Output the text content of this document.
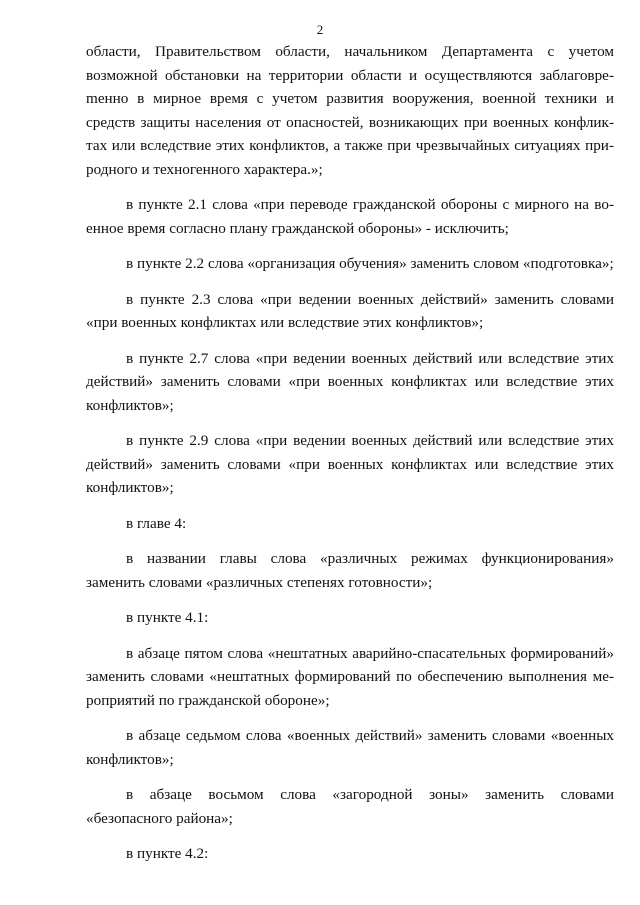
2

области, Правительством области, начальником Департамента с учетом возможной обстановки на территории области и осуществляются заблаговреmенно в мирное время с учетом развития вооружения, военной техники и средств защиты населения от опасностей, возникающих при военных конфликтах или вследствие этих конфликтов, а также при чрезвычайных ситуациях природного и техногенного характера.»;

в пункте 2.1 слова «при переводе гражданской обороны с мирного на военное время согласно плану гражданской обороны» - исключить;

в пункте 2.2 слова «организация обучения» заменить словом «подготовка»;

в пункте 2.3 слова «при ведении военных действий» заменить словами «при военных конфликтах или вследствие этих конфликтов»;

в пункте 2.7 слова «при ведении военных действий или вследствие этих действий» заменить словами «при военных конфликтах или вследствие этих конфликтов»;

в пункте 2.9 слова «при ведении военных действий или вследствие этих действий» заменить словами «при военных конфликтах или вследствие этих конфликтов»;

в главе 4:

в названии главы слова «различных режимах функционирования» заменить словами «различных степенях готовности»;

в пункте 4.1:

в абзаце пятом слова «нештатных аварийно-спасательных формирований» заменить словами «нештатных формирований по обеспечению выполнения мероприятий по гражданской обороне»;

в абзаце седьмом слова «военных действий» заменить словами «военных конфликтов»;

в абзаце восьмом слова «загородной зоны» заменить словами «безопасного района»;

в пункте 4.2:
